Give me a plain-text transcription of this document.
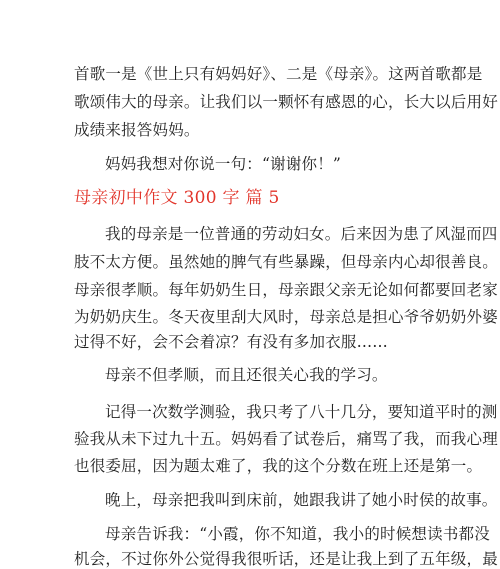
首歌一是《世上只有妈妈好》、二是《母亲》。这两首歌都是
歌颂伟大的母亲。让我们以一颗怀有感恩的心，长大以后用好
成绩来报答妈妈。
妈妈我想对你说一句：“谢谢你！”
母亲初中作文 300 字 篇 5
我的母亲是一位普通的劳动妇女。后来因为患了风湿而四
肢不太方便。虽然她的脾气有些暴躁，但母亲内心却很善良。
母亲很孝顺。每年奶奶生日，母亲跟父亲无论如何都要回老家
为奶奶庆生。冬天夜里刮大风时，母亲总是担心爷爷奶奶外婆
过得不好，会不会着凉？有没有多加衣服……
母亲不但孝顺，而且还很关心我的学习。
记得一次数学测验，我只考了八十几分，要知道平时的测
验我从未下过九十五。妈妈看了试卷后，痛骂了我，而我心理
也很委屈，因为题太难了，我的这个分数在班上还是第一。
晚上，母亲把我叫到床前，她跟我讲了她小时侯的故事。
母亲告诉我：“小霞，你不知道，我小的时候想读书都没
机会，不过你外公觉得我很听话，还是让我上到了五年级，最
